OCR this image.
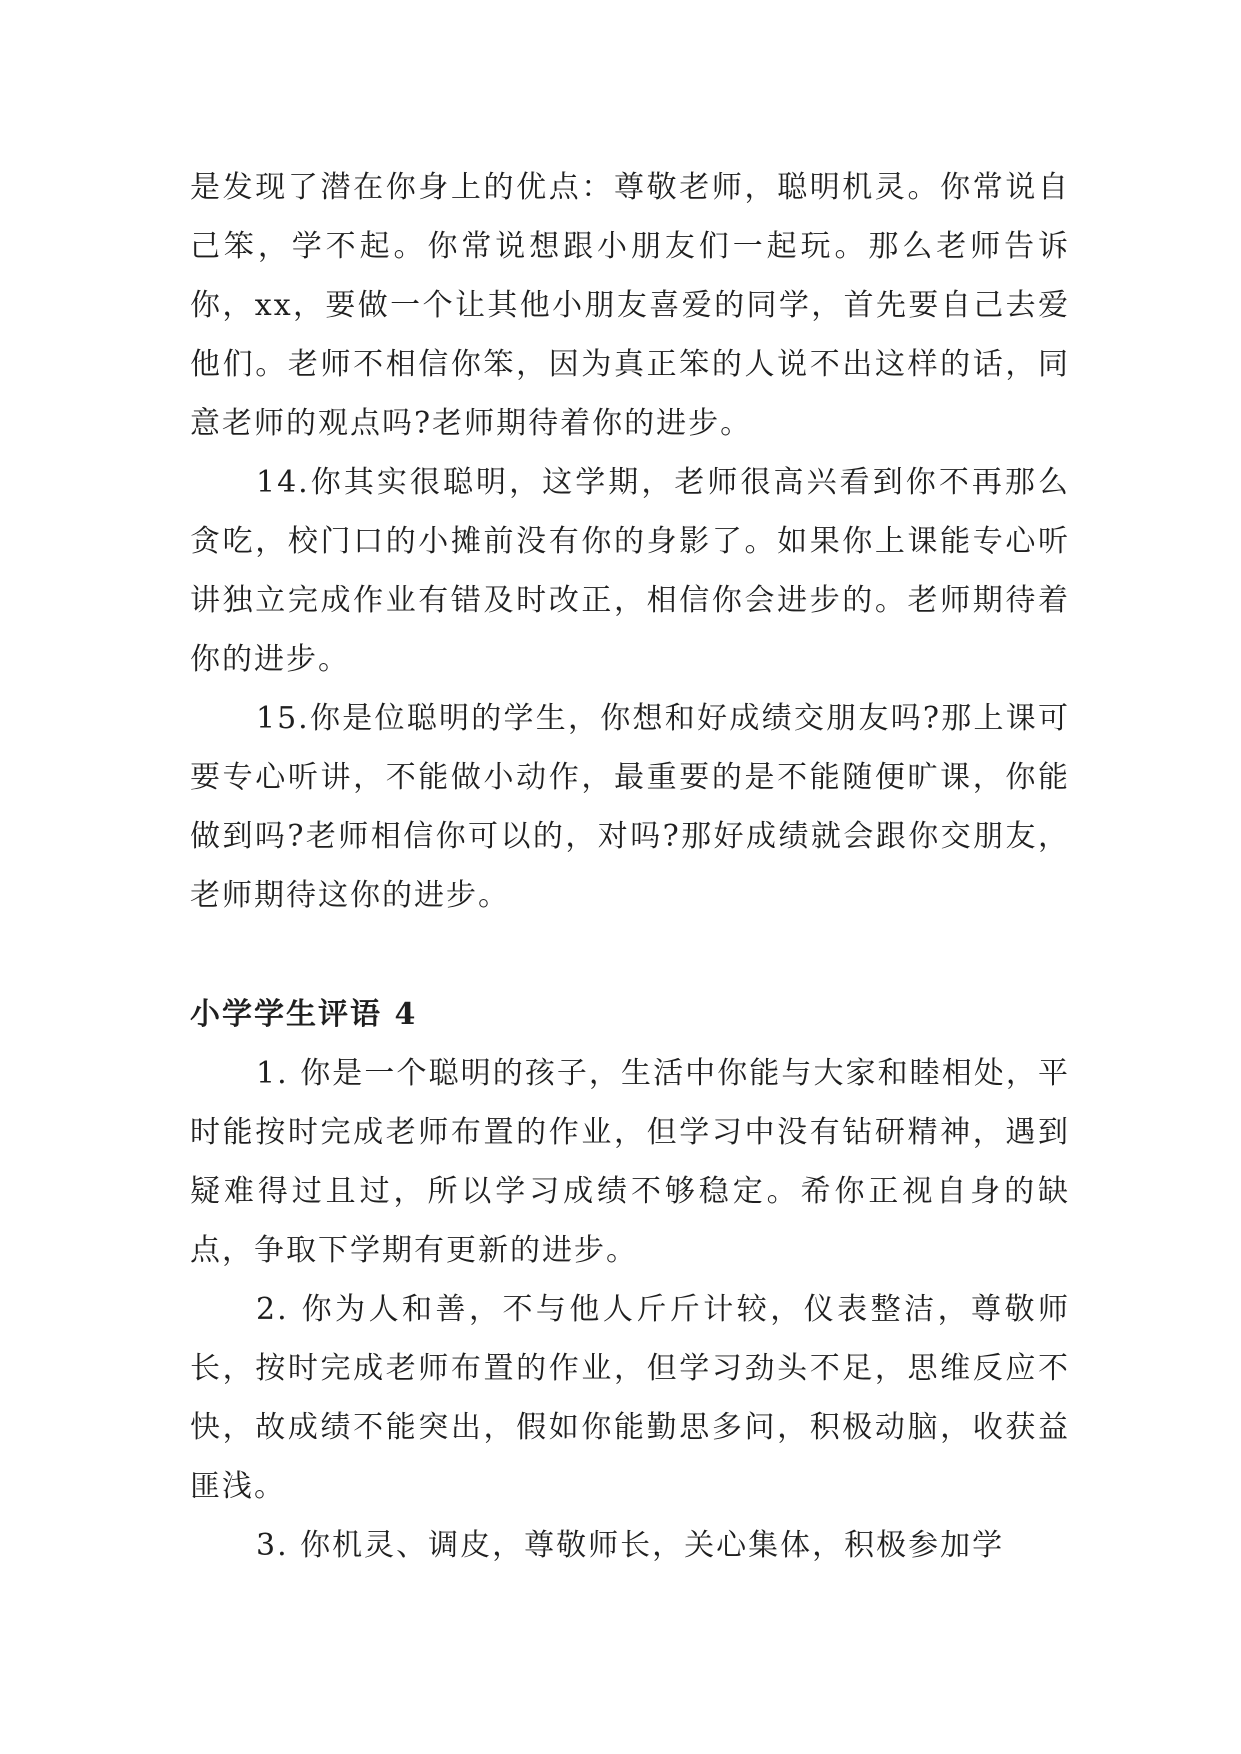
是发现了潜在你身上的优点：尊敬老师，聪明机灵。你常说自己笨，学不起。你常说想跟小朋友们一起玩。那么老师告诉你，xx，要做一个让其他小朋友喜爱的同学，首先要自己去爱他们。老师不相信你笨，因为真正笨的人说不出这样的话，同意老师的观点吗?老师期待着你的进步。

14.你其实很聪明，这学期，老师很高兴看到你不再那么贪吃，校门口的小摊前没有你的身影了。如果你上课能专心听讲独立完成作业有错及时改正，相信你会进步的。老师期待着你的进步。

15.你是位聪明的学生，你想和好成绩交朋友吗?那上课可要专心听讲，不能做小动作，最重要的是不能随便旷课，你能做到吗?老师相信你可以的，对吗?那好成绩就会跟你交朋友，老师期待这你的进步。

小学学生评语 4

1. 你是一个聪明的孩子，生活中你能与大家和睦相处，平时能按时完成老师布置的作业，但学习中没有钻研精神，遇到疑难得过且过，所以学习成绩不够稳定。希你正视自身的缺点，争取下学期有更新的进步。

2. 你为人和善，不与他人斤斤计较，仪表整洁，尊敬师长，按时完成老师布置的作业，但学习劲头不足，思维反应不快，故成绩不能突出，假如你能勤思多问，积极动脑，收获益匪浅。

3. 你机灵、调皮，尊敬师长，关心集体，积极参加学
